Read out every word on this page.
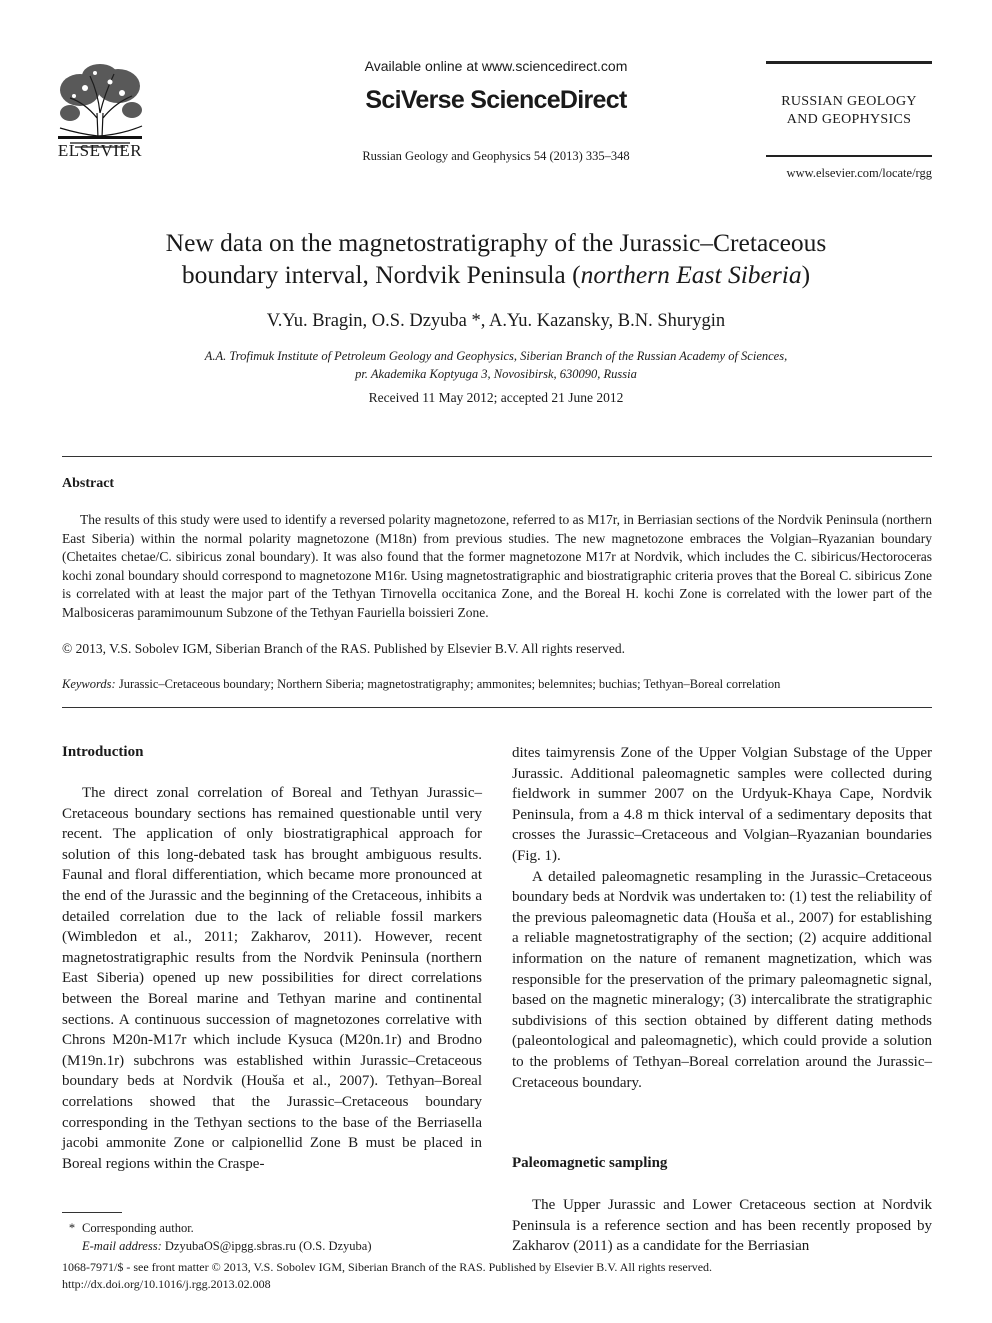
ELSEVIER
Available online at www.sciencedirect.com
SciVerse ScienceDirect
Russian Geology and Geophysics 54 (2013) 335–348
RUSSIAN GEOLOGY
AND GEOPHYSICS
www.elsevier.com/locate/rgg
New data on the magnetostratigraphy of the Jurassic–Cretaceous
boundary interval, Nordvik Peninsula (northern East Siberia)
V.Yu. Bragin, O.S. Dzyuba *, A.Yu. Kazansky, B.N. Shurygin
A.A. Trofimuk Institute of Petroleum Geology and Geophysics, Siberian Branch of the Russian Academy of Sciences,
pr. Akademika Koptyuga 3, Novosibirsk, 630090, Russia
Received 11 May 2012; accepted 21 June 2012
Abstract
The results of this study were used to identify a reversed polarity magnetozone, referred to as M17r, in Berriasian sections of the Nordvik Peninsula (northern East Siberia) within the normal polarity magnetozone (M18n) from previous studies. The new magnetozone embraces the Volgian–Ryazanian boundary (Chetaites chetae/C. sibiricus zonal boundary). It was also found that the former magnetozone M17r at Nordvik, which includes the C. sibiricus/Hectoroceras kochi zonal boundary should correspond to magnetozone M16r. Using magnetostratigraphic and biostratigraphic criteria proves that the Boreal C. sibiricus Zone is correlated with at least the major part of the Tethyan Tirnovella occitanica Zone, and the Boreal H. kochi Zone is correlated with the lower part of the Malbosiceras paramimounum Subzone of the Tethyan Fauriella boissieri Zone.
© 2013, V.S. Sobolev IGM, Siberian Branch of the RAS. Published by Elsevier B.V. All rights reserved.
Keywords: Jurassic–Cretaceous boundary; Northern Siberia; magnetostratigraphy; ammonites; belemnites; buchias; Tethyan–Boreal correlation
Introduction

The direct zonal correlation of Boreal and Tethyan Jurassic–Cretaceous boundary sections has remained questionable until very recent. The application of only biostratigraphical approach for solution of this long-debated task has brought ambiguous results. Faunal and floral differentiation, which became more pronounced at the end of the Jurassic and the beginning of the Cretaceous, inhibits a detailed correlation due to the lack of reliable fossil markers (Wimbledon et al., 2011; Zakharov, 2011). However, recent magnetostratigraphic results from the Nordvik Peninsula (northern East Siberia) opened up new possibilities for direct correlations between the Boreal marine and Tethyan marine and continental sections. A continuous succession of magnetozones correlative with Chrons M20n-M17r which include Kysuca (M20n.1r) and Brodno (M19n.1r) subchrons was established within Jurassic–Cretaceous boundary beds at Nordvik (Houša et al., 2007). Tethyan–Boreal correlations showed that the Jurassic–Cretaceous boundary corresponding in the Tethyan sections to the base of the Berriasella jacobi ammonite Zone or calpionellid Zone B must be placed in Boreal regions within the Craspe-

dites taimyrensis Zone of the Upper Volgian Substage of the Upper Jurassic. Additional paleomagnetic samples were collected during fieldwork in summer 2007 on the Urdyuk-Khaya Cape, Nordvik Peninsula, from a 4.8 m thick interval of a sedimentary deposits that crosses the Jurassic–Cretaceous and Volgian–Ryazanian boundaries (Fig. 1).

A detailed paleomagnetic resampling in the Jurassic–Cretaceous boundary beds at Nordvik was undertaken to: (1) test the reliability of the previous paleomagnetic data (Houša et al., 2007) for establishing a reliable magnetostratigraphy of the section; (2) acquire additional information on the nature of remanent magnetization, which was responsible for the preservation of the primary paleomagnetic signal, based on the magnetic mineralogy; (3) intercalibrate the stratigraphic subdivisions of this section obtained by different dating methods (paleontological and paleomagnetic), which could provide a solution to the problems of Tethyan–Boreal correlation around the Jurassic–Cretaceous boundary.

Paleomagnetic sampling

The Upper Jurassic and Lower Cretaceous section at Nordvik Peninsula is a reference section and has been recently proposed by Zakharov (2011) as a candidate for the Berriasian

* Corresponding author.
E-mail address: DzyubaOS@ipgg.sbras.ru (O.S. Dzyuba)
1068-7971/$ - see front matter © 2013, V.S. Sobolev IGM, Siberian Branch of the RAS. Published by Elsevier B.V. All rights reserved.
http://dx.doi.org/10.1016/j.rgg.2013.02.008
